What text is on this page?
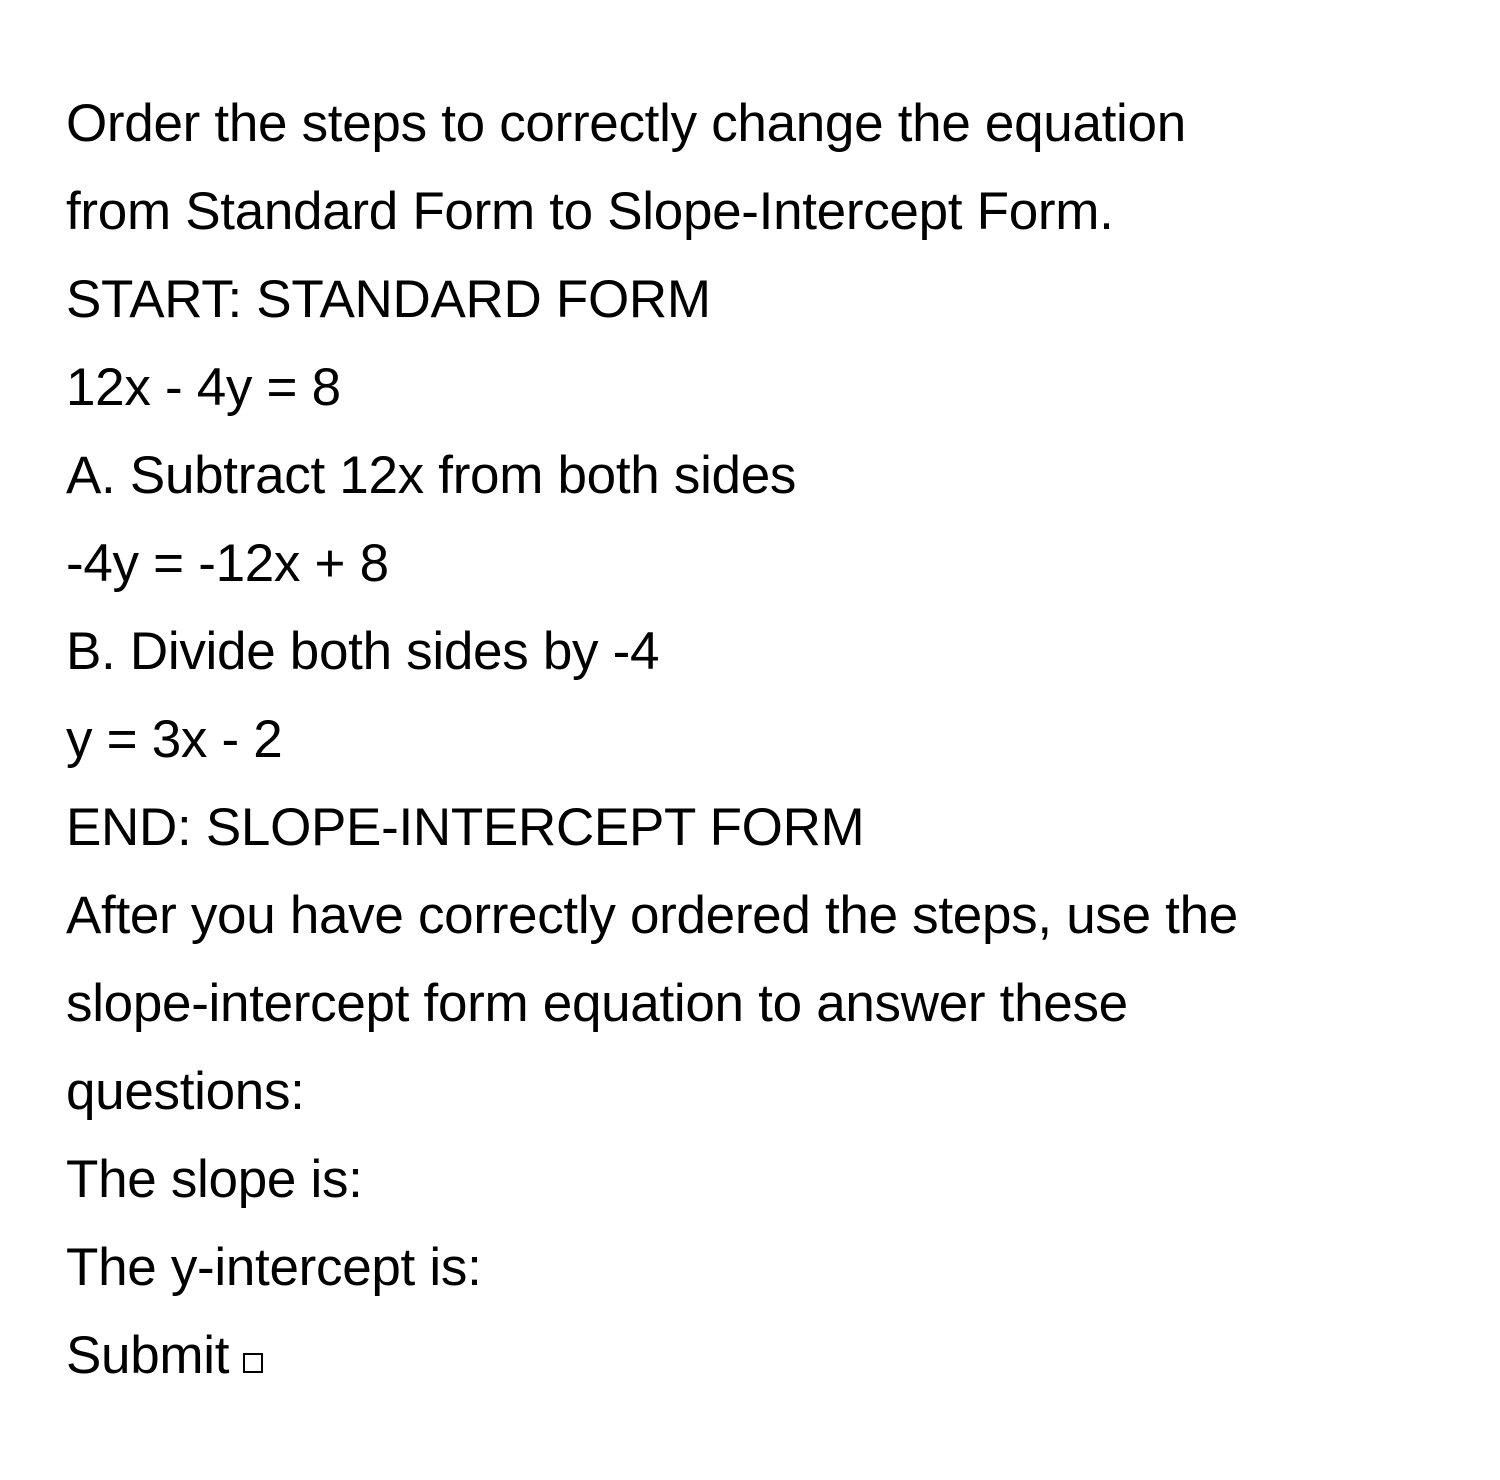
Order the steps to correctly change the equation
from Standard Form to Slope-Intercept Form.
START: STANDARD FORM
12x - 4y = 8
A. Subtract 12x from both sides
-4y = -12x + 8
B. Divide both sides by -4
y = 3x - 2
END: SLOPE-INTERCEPT FORM
After you have correctly ordered the steps, use the
slope-intercept form equation to answer these
questions:
The slope is:
The y-intercept is:
Submit
